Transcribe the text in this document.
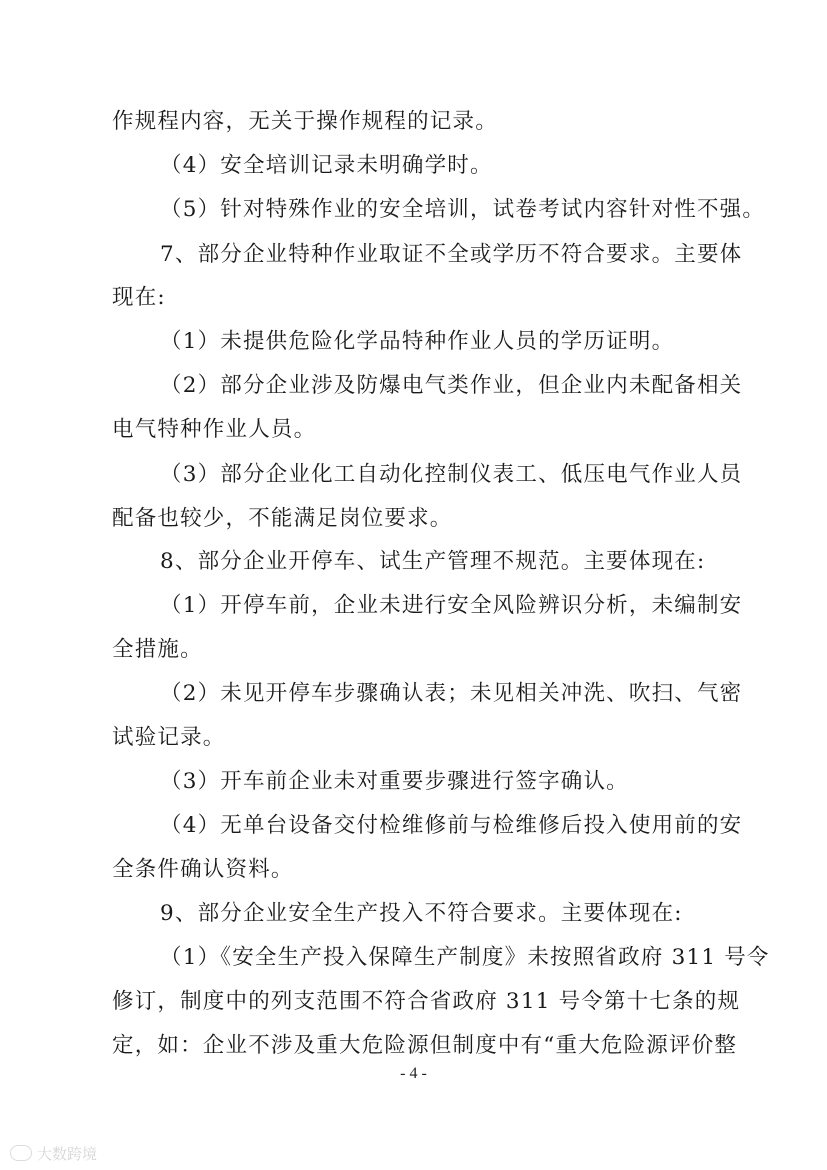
作规程内容，无关于操作规程的记录。
（4）安全培训记录未明确学时。
（5）针对特殊作业的安全培训，试卷考试内容针对性不强。
7、部分企业特种作业取证不全或学历不符合要求。主要体
现在:
（1）未提供危险化学品特种作业人员的学历证明。
（2）部分企业涉及防爆电气类作业，但企业内未配备相关
电气特种作业人员。
（3）部分企业化工自动化控制仪表工、低压电气作业人员
配备也较少，不能满足岗位要求。
8、部分企业开停车、试生产管理不规范。主要体现在:
（1）开停车前，企业未进行安全风险辨识分析，未编制安
全措施。
（2）未见开停车步骤确认表；未见相关冲洗、吹扫、气密
试验记录。
（3）开车前企业未对重要步骤进行签字确认。
（4）无单台设备交付检维修前与检维修后投入使用前的安
全条件确认资料。
9、部分企业安全生产投入不符合要求。主要体现在:
（1）《安全生产投入保障生产制度》未按照省政府 311 号令
修订，制度中的列支范围不符合省政府 311 号令第十七条的规
定，如：企业不涉及重大危险源但制度中有“重大危险源评价整
- 4 -
大数跨境
